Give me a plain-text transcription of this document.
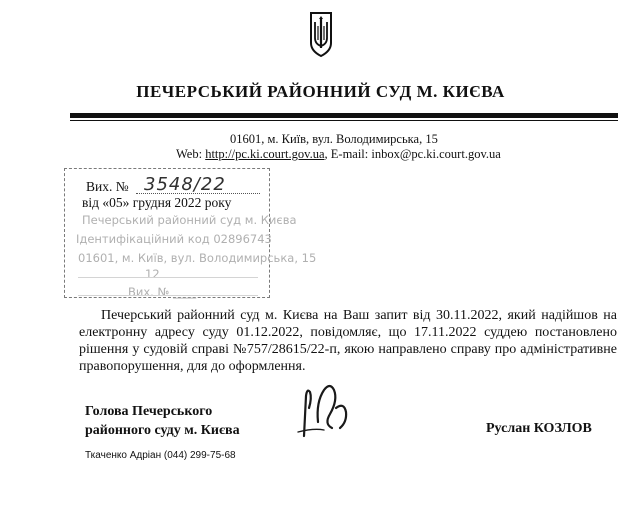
ПЕЧЕРСЬКИЙ РАЙОННИЙ СУД М. КИЄВА
01601, м. Київ, вул. Володимирська, 15
Web: http://pc.ki.court.gov.ua, E-mail: inbox@pc.ki.court.gov.ua
Вих. № 3548/22
від «05» грудня 2022 року
Печерський районний суд м. Києва
Ідентифікаційний код 02896743
01601, м. Київ, вул. Володимирська, 15
12
Вих. № ____

Печерський районний суд м. Києва на Ваш запит від 30.11.2022, який надійшов на електронну адресу суду 01.12.2022, повідомляє, що 17.11.2022 суддею постановлено рішення у судовій справі №757/28615/22-п, якою направлено справу про адміністративне правопорушення, для до оформлення.

Голова Печерського
районного суду м. Києва	Руслан КОЗЛОВ
Ткаченко Адріан (044) 299-75-68
